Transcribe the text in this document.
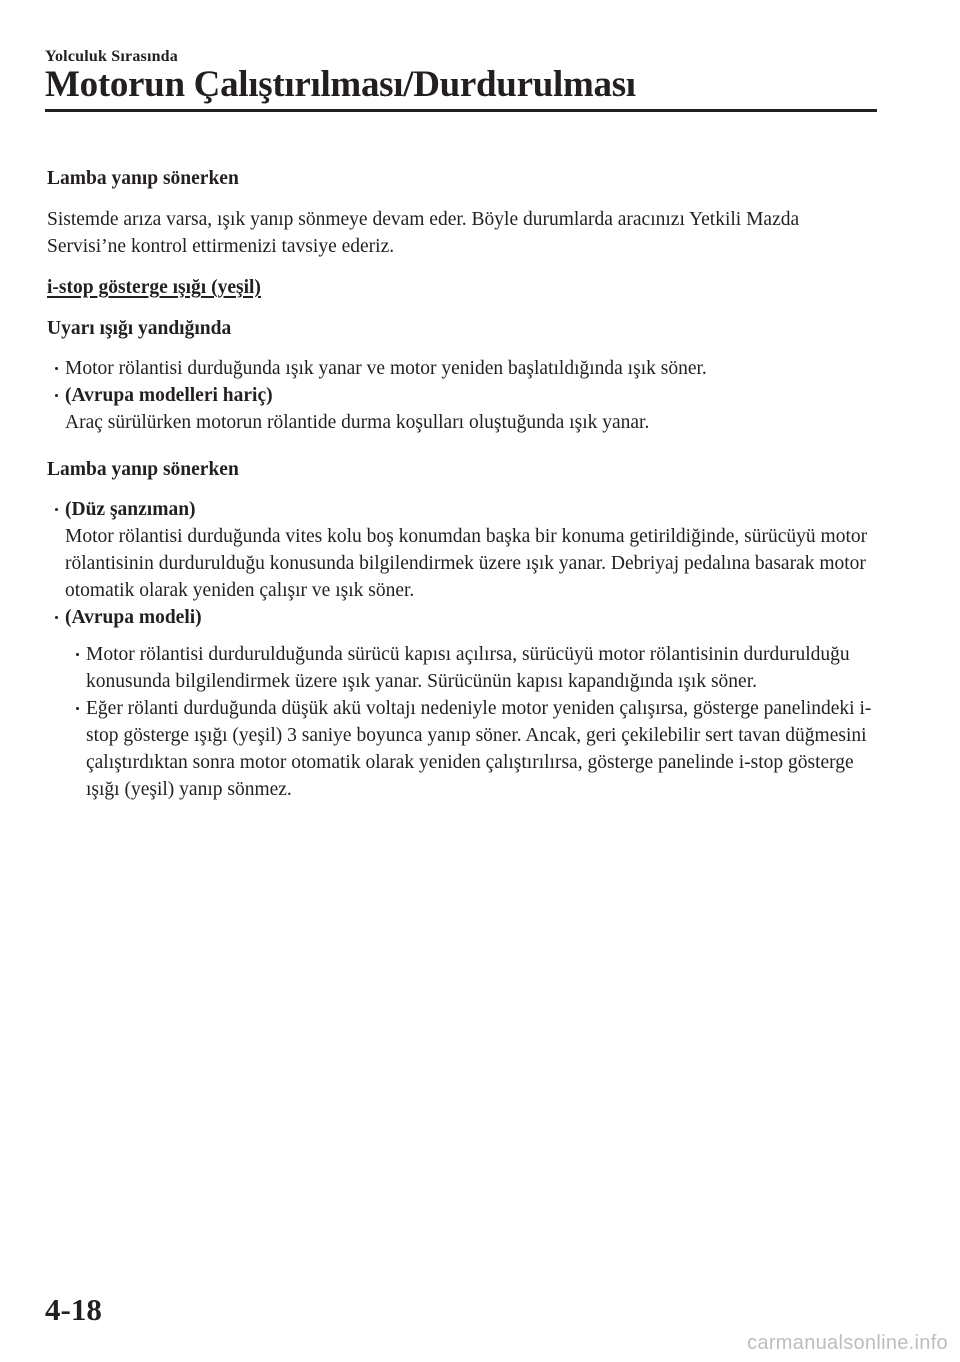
Yolculuk Sırasında
Motorun Çalıştırılması/Durdurulması

Lamba yanıp sönerken

Sistemde arıza varsa, ışık yanıp sönmeye devam eder. Böyle durumlarda aracınızı Yetkili Mazda Servisi’ne kontrol ettirmenizi tavsiye ederiz.

i-stop gösterge ışığı (yeşil)

Uyarı ışığı yandığında

Motor rölantisi durduğunda ışık yanar ve motor yeniden başlatıldığında ışık söner.

(Avrupa modelleri hariç)
Araç sürülürken motorun rölantide durma koşulları oluştuğunda ışık yanar.

Lamba yanıp sönerken

(Düz şanzıman)
Motor rölantisi durduğunda vites kolu boş konumdan başka bir konuma getirildiğinde, sürücüyü motor rölantisinin durdurulduğu konusunda bilgilendirmek üzere ışık yanar. Debriyaj pedalına basarak motor otomatik olarak yeniden çalışır ve ışık söner.

(Avrupa modeli)

Motor rölantisi durdurulduğunda sürücü kapısı açılırsa, sürücüyü motor rölantisinin durdurulduğu konusunda bilgilendirmek üzere ışık yanar. Sürücünün kapısı kapandığında ışık söner.

Eğer rölanti durduğunda düşük akü voltajı nedeniyle motor yeniden çalışırsa, gösterge panelindeki i-stop gösterge ışığı (yeşil) 3 saniye boyunca yanıp söner. Ancak, geri çekilebilir sert tavan düğmesini çalıştırdıktan sonra motor otomatik olarak yeniden çalıştırılırsa, gösterge panelinde i-stop gösterge ışığı (yeşil) yanıp sönmez.

4-18
carmanualsonline.info
